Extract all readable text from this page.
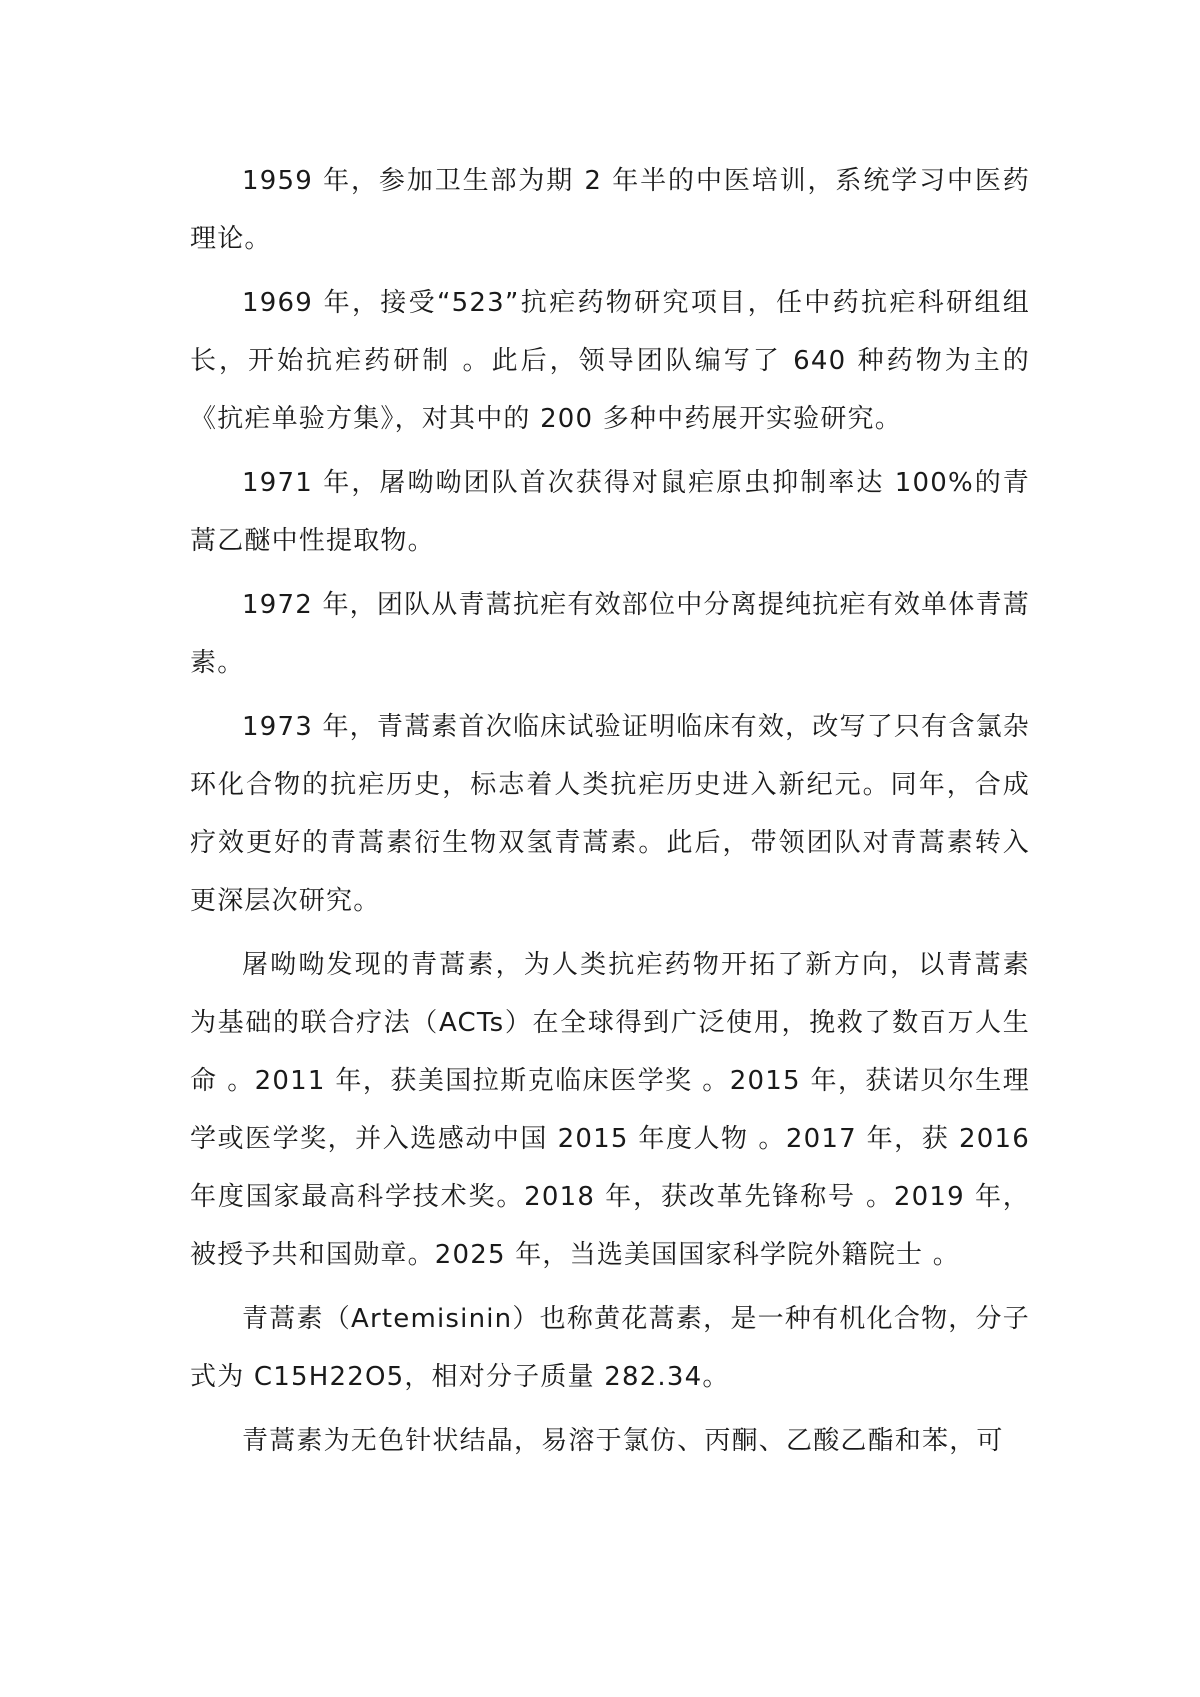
1959 年，参加卫生部为期 2 年半的中医培训，系统学习中医药理论。

1969 年，接受“523”抗疟药物研究项目，任中药抗疟科研组组长，开始抗疟药研制 。此后，领导团队编写了 640 种药物为主的《抗疟单验方集》，对其中的 200 多种中药展开实验研究。

1971 年，屠呦呦团队首次获得对鼠疟原虫抑制率达 100%的青蒿乙醚中性提取物。

1972 年，团队从青蒿抗疟有效部位中分离提纯抗疟有效单体青蒿素。

1973 年，青蒿素首次临床试验证明临床有效，改写了只有含氯杂环化合物的抗疟历史，标志着人类抗疟历史进入新纪元。同年，合成疗效更好的青蒿素衍生物双氢青蒿素。此后，带领团队对青蒿素转入更深层次研究。

屠呦呦发现的青蒿素，为人类抗疟药物开拓了新方向，以青蒿素为基础的联合疗法（ACTs）在全球得到广泛使用，挽救了数百万人生命 。2011 年，获美国拉斯克临床医学奖 。2015 年，获诺贝尔生理学或医学奖，并入选感动中国 2015 年度人物 。2017 年，获 2016 年度国家最高科学技术奖。2018 年，获改革先锋称号 。2019 年，被授予共和国勋章。2025 年，当选美国国家科学院外籍院士 。

青蒿素（Artemisinin）也称黄花蒿素，是一种有机化合物，分子式为 C15H22O5，相对分子质量 282.34。

青蒿素为无色针状结晶，易溶于氯仿、丙酮、乙酸乙酯和苯，可
